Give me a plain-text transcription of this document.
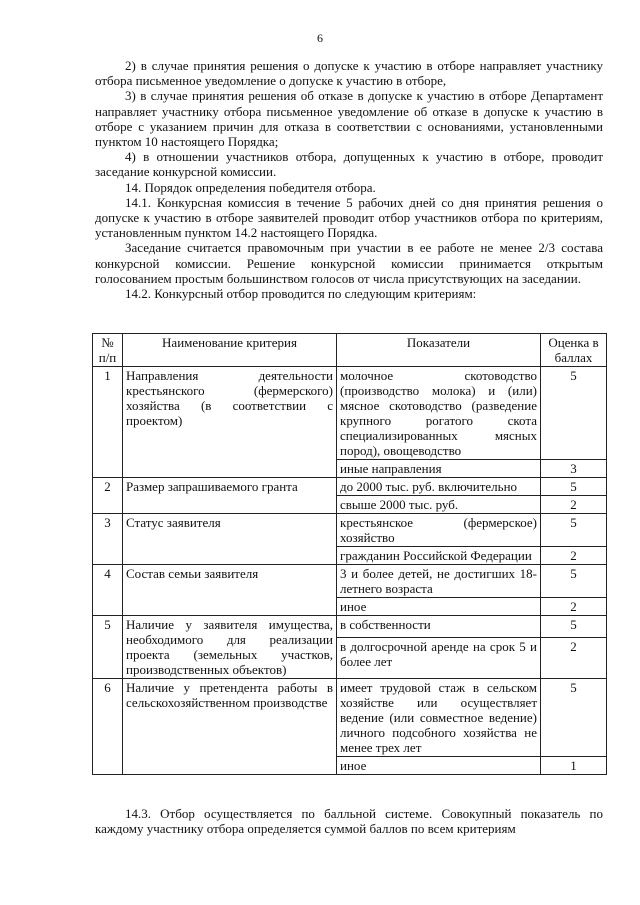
6

2) в случае принятия решения о допуске к участию в отборе направляет участнику отбора письменное уведомление о допуске к участию в отборе,

3) в случае принятия решения об отказе в допуске к участию в отборе Департамент направляет участнику отбора письменное уведомление об отказе в допуске к участию в отборе с указанием причин для отказа в соответствии с основаниями, установленными пунктом 10 настоящего Порядка;

4) в отношении участников отбора, допущенных к участию в отборе, проводит заседание конкурсной комиссии.

14. Порядок определения победителя отбора.

14.1. Конкурсная комиссия в течение 5 рабочих дней со дня принятия решения о допуске к участию в отборе заявителей проводит отбор участников отбора по критериям, установленным пунктом 14.2 настоящего Порядка.

Заседание считается правомочным при участии в ее работе не менее 2/3 состава конкурсной комиссии. Решение конкурсной комиссии принимается открытым голосованием простым большинством голосов от числа присутствующих на заседании.

14.2. Конкурсный отбор проводится по следующим критериям:

№ п/п	Наименование критерия	Показатели	Оценка в баллах
1	Направления деятельности крестьянского (фермерского) хозяйства (в соответствии с проектом)	молочное скотоводство (производство молока) и (или) мясное скотоводство (разведение крупного рогатого скота специализированных мясных пород), овощеводство	5
		иные направления	3
2	Размер запрашиваемого гранта	до 2000 тыс. руб. включительно	5
		свыше 2000 тыс. руб.	2
3	Статус заявителя	крестьянское (фермерское) хозяйство	5
		гражданин Российской Федерации	2
4	Состав семьи заявителя	3 и более детей, не достигших 18-летнего возраста	5
		иное	2
5	Наличие у заявителя имущества, необходимого для реализации проекта (земельных участков, производственных объектов)	в собственности	5
		в долгосрочной аренде на срок 5 и более лет	2
6	Наличие у претендента работы в сельскохозяйственном производстве	имеет трудовой стаж в сельском хозяйстве или осуществляет ведение (или совместное ведение) личного подсобного хозяйства не менее трех лет	5
		иное	1

14.3. Отбор осуществляется по балльной системе. Совокупный показатель по каждому участнику отбора определяется суммой баллов по всем критериям
